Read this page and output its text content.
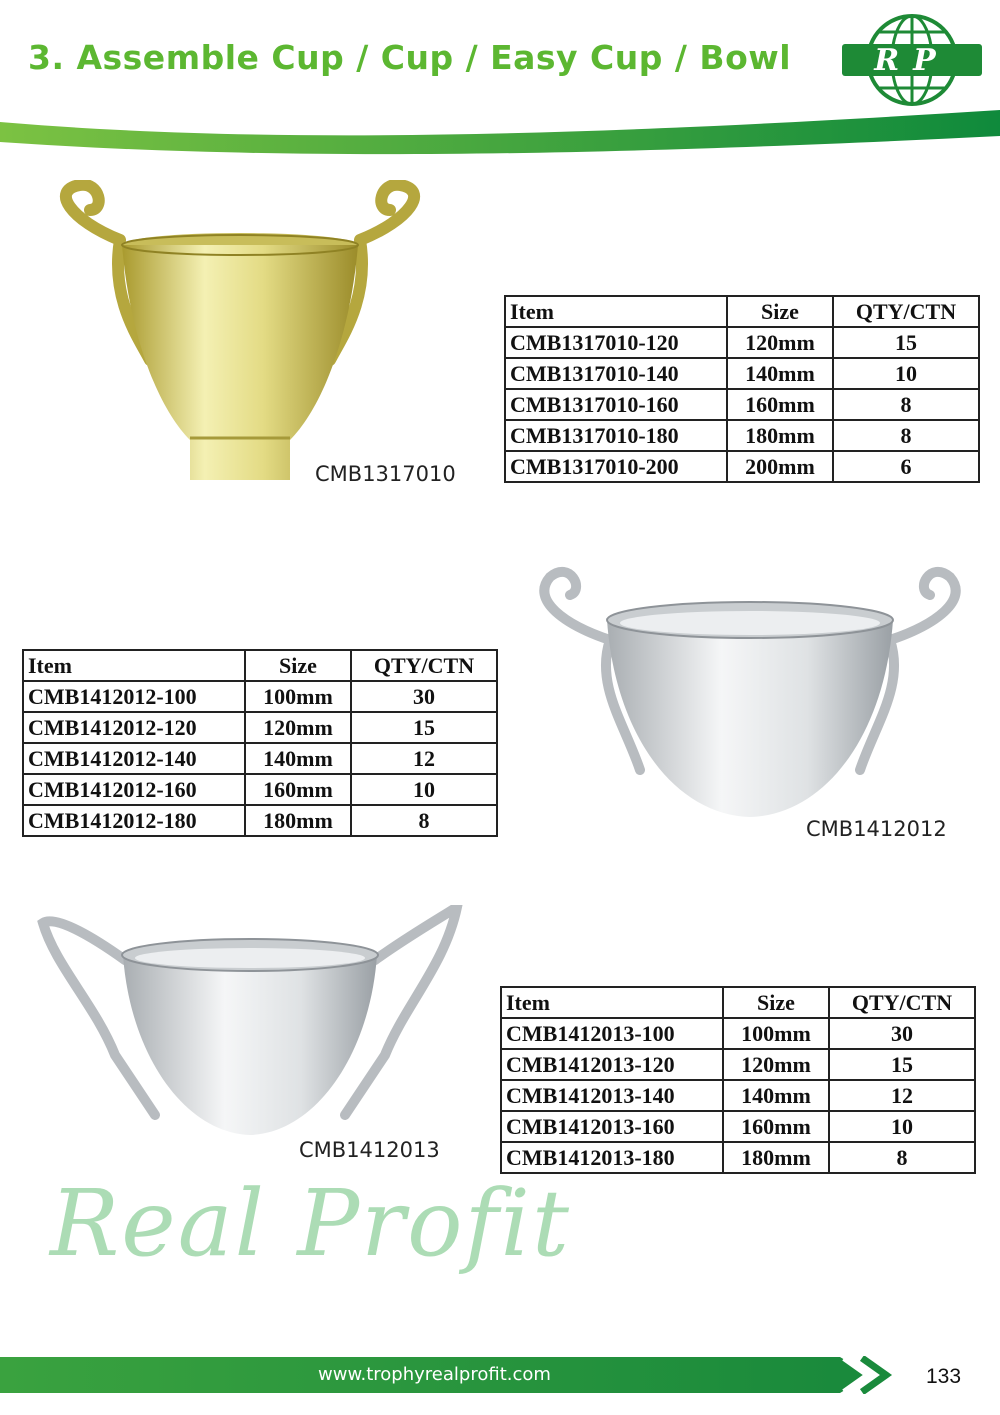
3. Assemble Cup / Cup / Easy Cup / Bowl	RP
CMB1317010
Item	Size	QTY/CTN
CMB1317010-120	120mm	15
CMB1317010-140	140mm	10
CMB1317010-160	160mm	8
CMB1317010-180	180mm	8
CMB1317010-200	200mm	6
Item	Size	QTY/CTN
CMB1412012-100	100mm	30
CMB1412012-120	120mm	15
CMB1412012-140	140mm	12
CMB1412012-160	160mm	10
CMB1412012-180	180mm	8	CMB1412012
CMB1412013
Item	Size	QTY/CTN
CMB1412013-100	100mm	30
CMB1412013-120	120mm	15
CMB1412013-140	140mm	12
CMB1412013-160	160mm	10
CMB1412013-180	180mm	8
Real Profit
www.trophyrealprofit.com	133
